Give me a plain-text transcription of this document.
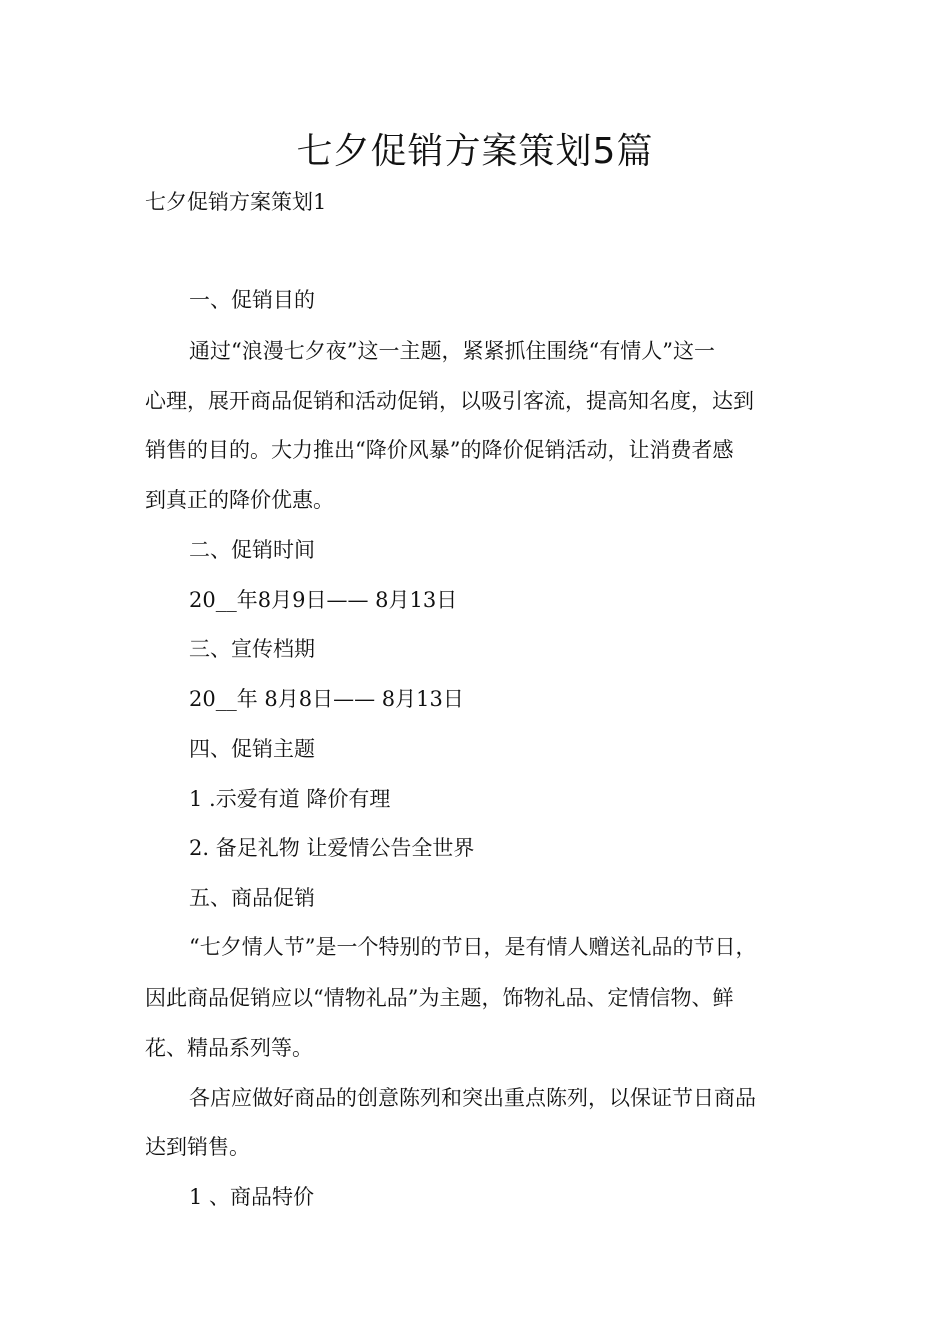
七夕促销方案策划5篇
七夕促销方案策划1
一、促销目的
通过“浪漫七夕夜”这一主题，紧紧抓住围绕“有情人”这一
心理，展开商品促销和活动促销，以吸引客流，提高知名度，达到
销售的目的。大力推出“降价风暴”的降价促销活动，让消费者感
到真正的降价优惠。
二、促销时间
20__年8月9日—— 8月13日
三、宣传档期
20__年 8月8日—— 8月13日
四、促销主题
1 .示爱有道 降价有理
2. 备足礼物 让爱情公告全世界
五、商品促销
“七夕情人节”是一个特别的节日，是有情人赠送礼品的节日，
因此商品促销应以“情物礼品”为主题，饰物礼品、定情信物、鲜
花、精品系列等。
各店应做好商品的创意陈列和突出重点陈列，以保证节日商品
达到销售。
1 、商品特价
